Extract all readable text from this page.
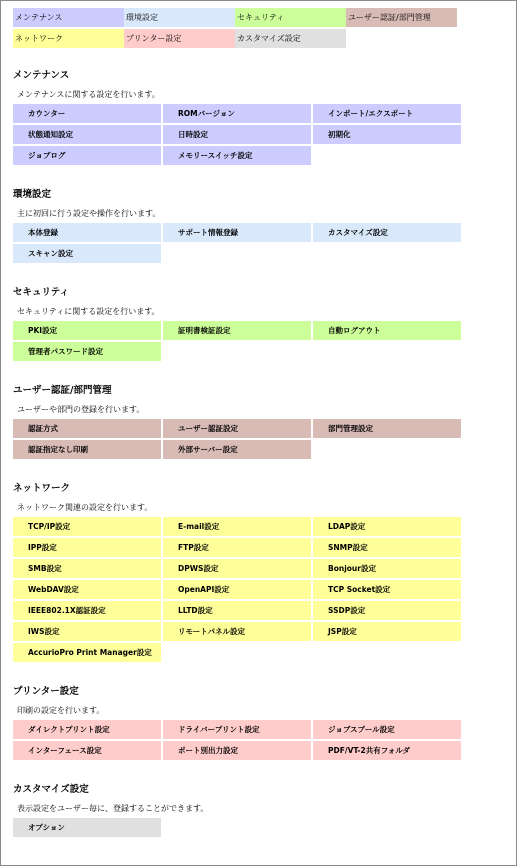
メンテナンス	環境設定	セキュリティ	ユーザー認証/部門管理
ネットワーク	プリンター設定	カスタマイズ設定
メンテナンス
メンテナンスに関する設定を行います。
カウンター	ROMバージョン	インポート/エクスポート
状態通知設定	日時設定	初期化
ジョブログ	メモリースイッチ設定
環境設定
主に初回に行う設定や操作を行います。
本体登録	サポート情報登録	カスタマイズ設定
スキャン設定
セキュリティ
セキュリティに関する設定を行います。
PKI設定	証明書検証設定	自動ログアウト
管理者パスワード設定
ユーザー認証/部門管理
ユーザーや部門の登録を行います。
認証方式	ユーザー認証設定	部門管理設定
認証指定なし印刷	外部サーバー設定
ネットワーク
ネットワーク関連の設定を行います。
TCP/IP設定	E-mail設定	LDAP設定
IPP設定	FTP設定	SNMP設定
SMB設定	DPWS設定	Bonjour設定
WebDAV設定	OpenAPI設定	TCP Socket設定
IEEE802.1X認証設定	LLTD設定	SSDP設定
IWS設定	リモートパネル設定	JSP設定
AccurioPro Print Manager設定
プリンター設定
印刷の設定を行います。
ダイレクトプリント設定	ドライバープリント設定	ジョブスプール設定
インターフェース設定	ポート別出力設定	PDF/VT-2共有フォルダ
カスタマイズ設定
表示設定をユーザー毎に、登録することができます。
オプション
